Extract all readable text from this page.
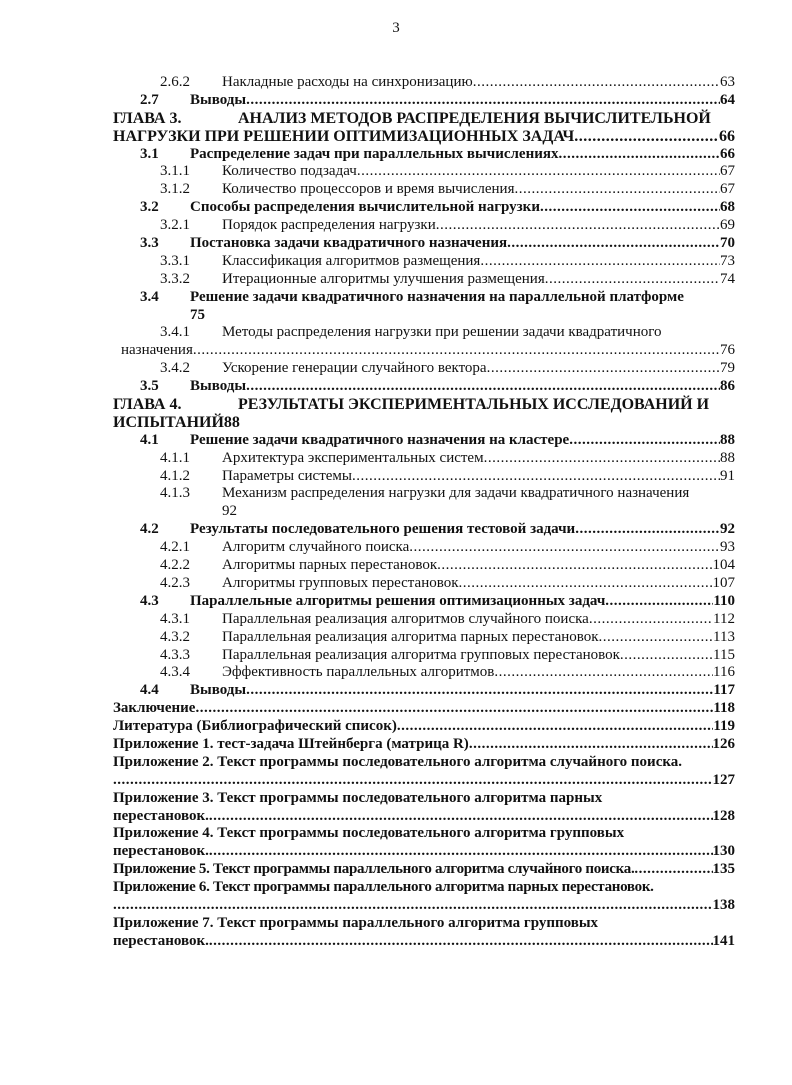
3
2.6.2	Накладные расходы на синхронизацию .....	63
2.7	Выводы .....	64
ГЛАВА 3.	АНАЛИЗ МЕТОДОВ РАСПРЕДЕЛЕНИЯ ВЫЧИСЛИТЕЛЬНОЙ
НАГРУЗКИ ПРИ РЕШЕНИИ ОПТИМИЗАЦИОННЫХ ЗАДАЧ .....	66
3.1	Распределение задач при параллельных вычислениях .....	66
3.1.1	Количество подзадач .....	67
3.1.2	Количество процессоров и время вычисления .....	67
3.2	Способы распределения вычислительной нагрузки .....	68
3.2.1	Порядок распределения нагрузки .....	69
3.3	Постановка задачи квадратичного назначения .....	70
3.3.1	Классификация алгоритмов размещения .....	73
3.3.2	Итерационные алгоритмы улучшения размещения .....	74
3.4	Решение задачи квадратичного назначения на параллельной платформе
75
3.4.1	Методы распределения нагрузки при решении задачи квадратичного
назначения .....	76
3.4.2	Ускорение генерации случайного вектора .....	79
3.5	Выводы .....	86
ГЛАВА 4.	РЕЗУЛЬТАТЫ ЭКСПЕРИМЕНТАЛЬНЫХ ИССЛЕДОВАНИЙ И
ИСПЫТАНИЙ 88
4.1	Решение задачи квадратичного назначения на кластере .....	88
4.1.1	Архитектура экспериментальных систем .....	88
4.1.2	Параметры системы .....	91
4.1.3	Механизм распределения нагрузки для задачи квадратичного назначения
92
4.2	Результаты последовательного решения тестовой задачи .....	92
4.2.1	Алгоритм случайного поиска .....	93
4.2.2	Алгоритмы парных перестановок .....	104
4.2.3	Алгоритмы групповых перестановок .....	107
4.3	Параллельные алгоритмы решения оптимизационных задач .....	110
4.3.1	Параллельная реализация алгоритмов случайного поиска .....	112
4.3.2	Параллельная реализация алгоритма парных перестановок .....	113
4.3.3	Параллельная реализация алгоритма групповых перестановок .....	115
4.3.4	Эффективность параллельных алгоритмов .....	116
4.4	Выводы .....	117
Заключение .....	118
Литература (Библиографический список) .....	119
Приложение 1. тест-задача Штейнберга (матрица R) .....	126
Приложение 2. Текст программы последовательного алгоритма случайного поиска.
.....
127
Приложение 3. Текст программы последовательного алгоритма парных
перестановок. .....	128
Приложение 4. Текст программы последовательного алгоритма групповых
перестановок. .....	130
Приложение 5. Текст программы параллельного алгоритма случайного поиска. .....	135
Приложение 6. Текст программы параллельного алгоритма парных перестановок.
.....
138
Приложение 7. Текст программы параллельного алгоритма групповых
перестановок. .....	141
